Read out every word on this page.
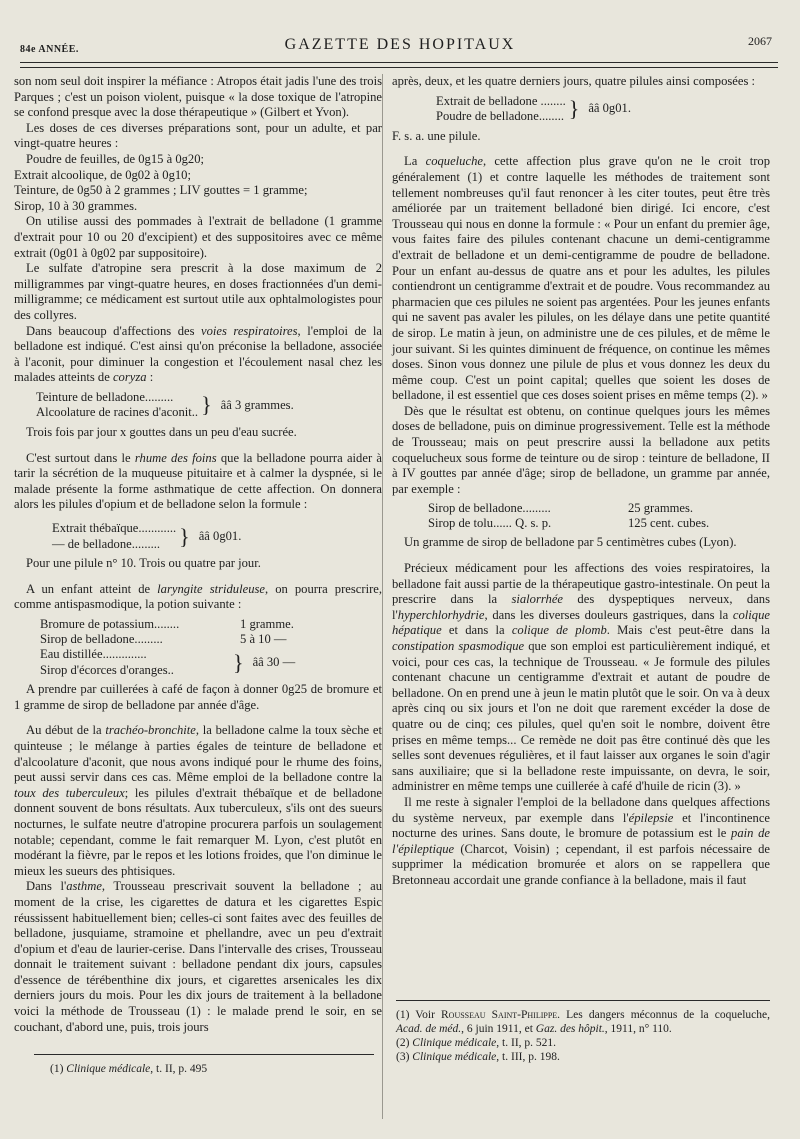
84e ANNÉE.	GAZETTE DES HOPITAUX	2067

son nom seul doit inspirer la méfiance : Atropos était jadis l'une des trois Parques ; c'est un poison violent, puisque « la dose toxique de l'atropine se confond presque avec la dose thérapeutique » (Gilbert et Yvon).

Les doses de ces diverses préparations sont, pour un adulte, et par vingt-quatre heures :

Poudre de feuilles, de 0g15 à 0g20;

Extrait alcoolique, de 0g02 à 0g10;

Teinture, de 0g50 à 2 grammes ; LIV gouttes = 1 gramme;

Sirop, 10 à 30 grammes.

On utilise aussi des pommades à l'extrait de belladone (1 gramme d'extrait pour 10 ou 20 d'excipient) et des suppositoires avec ce même extrait (0g01 à 0g02 par suppositoire).

Le sulfate d'atropine sera prescrit à la dose maximum de 2 milligrammes par vingt-quatre heures, en doses fractionnées d'un demi-milligramme; ce médicament est surtout utile aux ophtalmologistes pour des collyres.

Dans beaucoup d'affections des voies respiratoires, l'emploi de la belladone est indiqué. C'est ainsi qu'on préconise la belladone, associée à l'aconit, pour diminuer la congestion et l'écoulement nasal chez les malades atteints de coryza :

Teinture de belladone.........
Alcoolature de racines d'aconit.. } ââ 3 grammes.

Trois fois par jour x gouttes dans un peu d'eau sucrée.

C'est surtout dans le rhume des foins que la belladone pourra aider à tarir la sécrétion de la muqueuse pituitaire et à calmer la dyspnée, si le malade présente la forme asthmatique de cette affection. On donnera alors les pilules d'opium et de belladone selon la formule :

Extrait thébaïque............
— de belladone......... } ââ 0g01.

Pour une pilule n° 10. Trois ou quatre par jour.

A un enfant atteint de laryngite striduleuse, on pourra prescrire, comme antispasmodique, la potion suivante :

Bromure de potassium........	1 gramme.
Sirop de belladone.........	5 à 10 —
Eau distillée..............
Sirop d'écorces d'oranges..	} ââ 30 —

A prendre par cuillerées à café de façon à donner 0g25 de bromure et 1 gramme de sirop de belladone par année d'âge.

Au début de la trachéo-bronchite, la belladone calme la toux sèche et quinteuse ; le mélange à parties égales de teinture de belladone et d'alcoolature d'aconit, que nous avons indiqué pour le rhume des foins, peut aussi servir dans ces cas. Même emploi de la belladone contre la toux des tuberculeux; les pilules d'extrait thébaïque et de belladone donnent souvent de bons résultats. Aux tuberculeux, s'ils ont des sueurs nocturnes, le sulfate neutre d'atropine procurera parfois un soulagement notable; cependant, comme le fait remarquer M. Lyon, c'est plutôt en modérant la fièvre, par le repos et les lotions froides, que l'on diminue le mieux les sueurs des phtisiques.

Dans l'asthme, Trousseau prescrivait souvent la belladone ; au moment de la crise, les cigarettes de datura et les cigarettes Espic réussissent habituellement bien; celles-ci sont faites avec des feuilles de belladone, jusquiame, stramoine et phellandre, avec un peu d'extrait d'opium et d'eau de laurier-cerise. Dans l'intervalle des crises, Trousseau donnait le traitement suivant : belladone pendant dix jours, capsules d'essence de térébenthine dix jours, et cigarettes arsenicales les dix derniers jours du mois. Pour les dix jours de traitement à la belladone voici la méthode de Trousseau (1) : le malade prend le soir, en se couchant, d'abord une, puis, trois jours

(1) Clinique médicale, t. II, p. 495

après, deux, et les quatre derniers jours, quatre pilules ainsi composées :

Extrait de belladone ........
Poudre de belladone........ } ââ 0g01.

F. s. a. une pilule.

La coqueluche, cette affection plus grave qu'on ne le croit trop généralement (1) et contre laquelle les méthodes de traitement sont tellement nombreuses qu'il faut renoncer à les citer toutes, peut être très améliorée par un traitement belladoné bien dirigé. Ici encore, c'est Trousseau qui nous en donne la formule : « Pour un enfant du premier âge, vous faites faire des pilules contenant chacune un demi-centigramme d'extrait de belladone et un demi-centigramme de poudre de belladone. Pour un enfant au-dessus de quatre ans et pour les adultes, les pilules contiendront un centigramme d'extrait et de poudre. Vous recommandez au pharmacien que ces pilules ne soient pas argentées. Pour les jeunes enfants qui ne savent pas avaler les pilules, on les délaye dans une petite quantité de sirop. Le matin à jeun, on administre une de ces pilules, et de même le jour suivant. Si les quintes diminuent de fréquence, on continue les mêmes doses. Sinon vous donnez une pilule de plus et vous donnez les deux du même coup. C'est un point capital; quelles que soient les doses de belladone, il est essentiel que ces doses soient prises en même temps (2). »

Dès que le résultat est obtenu, on continue quelques jours les mêmes doses de belladone, puis on diminue progressivement. Telle est la méthode de Trousseau; mais on peut prescrire aussi la belladone aux petits coquelucheux sous forme de teinture ou de sirop : teinture de belladone, II à IV gouttes par année d'âge; sirop de belladone, un gramme par année, par exemple :

Sirop de belladone.........	25 grammes.
Sirop de tolu...... Q. s. p.	125 cent. cubes.

Un gramme de sirop de belladone par 5 centimètres cubes (Lyon).

Précieux médicament pour les affections des voies respiratoires, la belladone fait aussi partie de la thérapeutique gastro-intestinale. On peut la prescrire dans la sialorrhée des dyspeptiques nerveux, dans l'hyperchlorhydrie, dans les diverses douleurs gastriques, dans la colique hépatique et dans la colique de plomb. Mais c'est peut-être dans la constipation spasmodique que son emploi est particulièrement indiqué, et voici, pour ces cas, la technique de Trousseau. « Je formule des pilules contenant chacune un centigramme d'extrait et autant de poudre de belladone. On en prend une à jeun le matin plutôt que le soir. On va à deux après cinq ou six jours et l'on ne doit que rarement excéder la dose de quatre ou de cinq; ces pilules, quel qu'en soit le nombre, doivent être prises en même temps... Ce remède ne doit pas être continué dès que les selles sont devenues régulières, et il faut laisser aux organes le soin d'agir sans auxiliaire; que si la belladone reste impuissante, on devra, le soir, administrer en même temps une cuillerée à café d'huile de ricin (3). »

Il me reste à signaler l'emploi de la belladone dans quelques affections du système nerveux, par exemple dans l'épilepsie et l'incontinence nocturne des urines. Sans doute, le bromure de potassium est le pain de l'épileptique (Charcot, Voisin) ; cependant, il est parfois nécessaire de supprimer la médication bromurée et alors on se rappellera que Bretonneau accordait une grande confiance à la belladone, mais il faut

(1) Voir Rousseau Saint-Philippe. Les dangers méconnus de la coqueluche, Acad. de méd., 6 juin 1911, et Gaz. des hôpit., 1911, n° 110.

(2) Clinique médicale, t. II, p. 521.

(3) Clinique médicale, t. III, p. 198.
